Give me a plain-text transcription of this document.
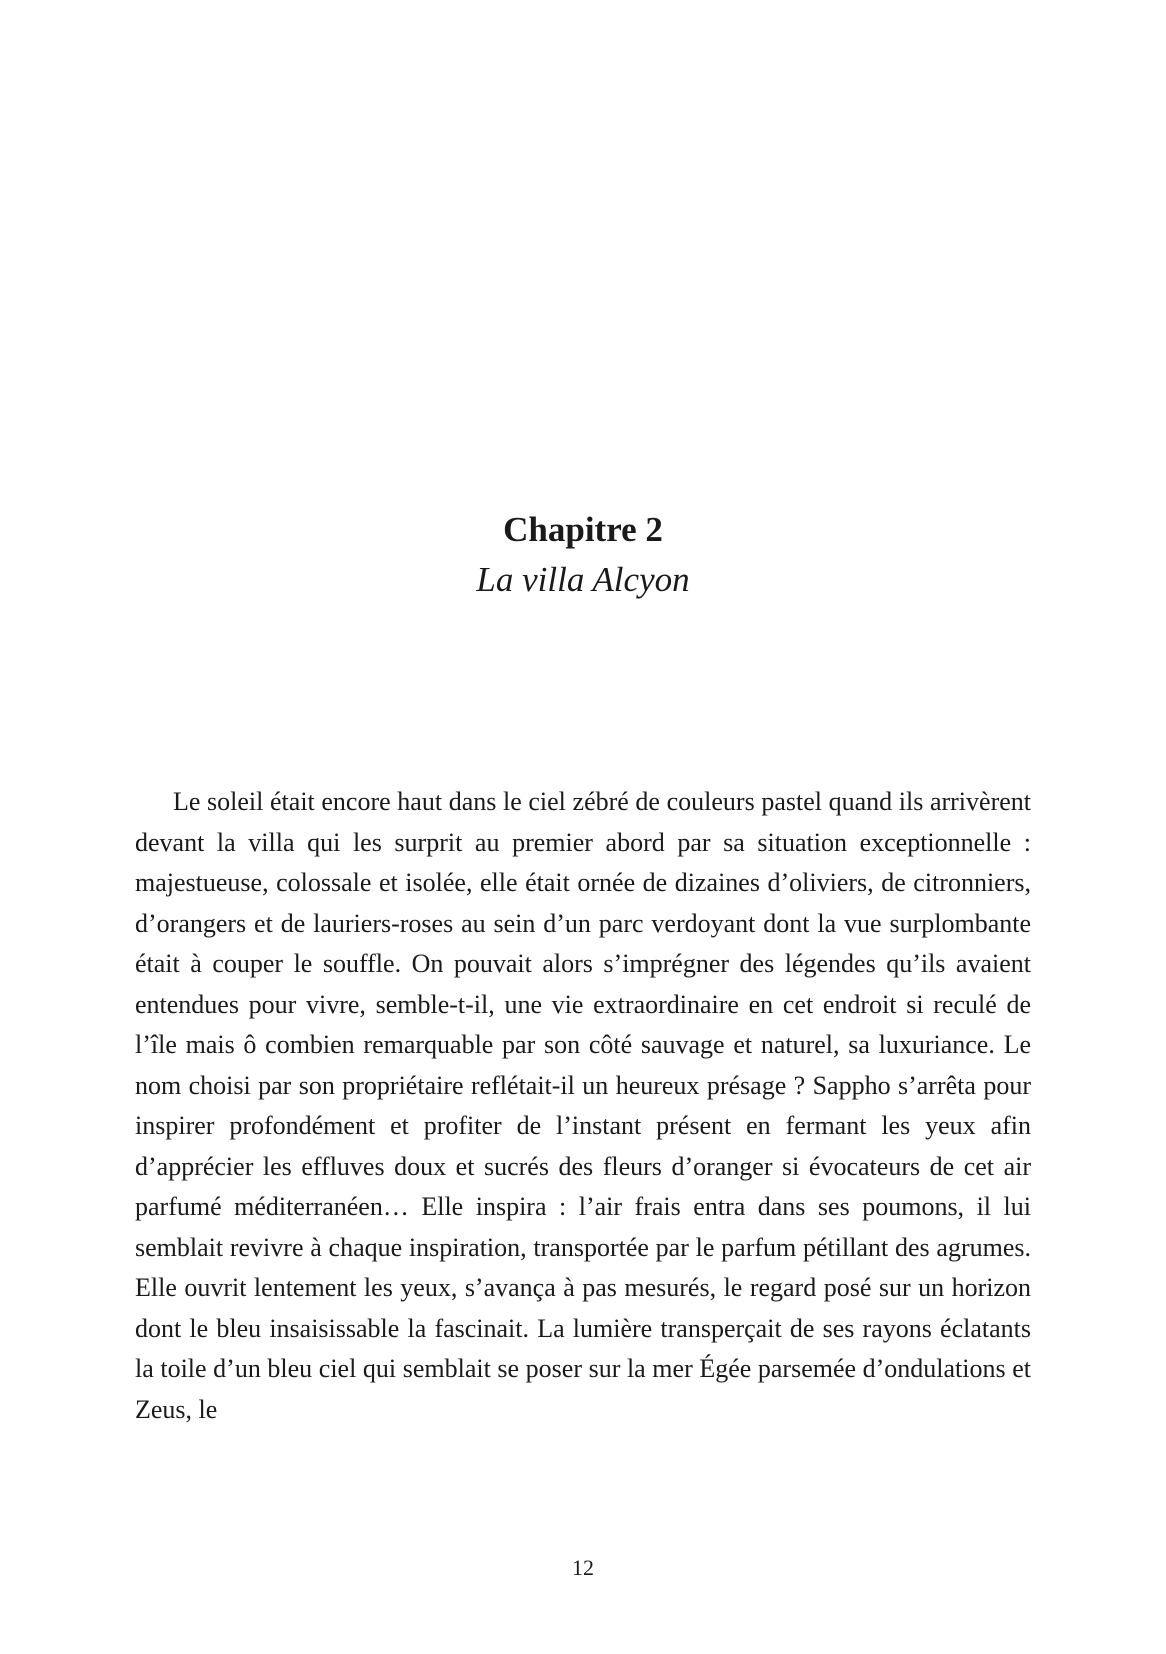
Chapitre 2
La villa Alcyon

Le soleil était encore haut dans le ciel zébré de couleurs pastel quand ils arrivèrent devant la villa qui les surprit au premier abord par sa situation exceptionnelle : majestueuse, colossale et isolée, elle était ornée de dizaines d’oliviers, de citronniers, d’orangers et de lauriers-roses au sein d’un parc verdoyant dont la vue surplombante était à couper le souffle. On pouvait alors s’imprégner des légendes qu’ils avaient entendues pour vivre, semble-t-il, une vie extraordinaire en cet endroit si reculé de l’île mais ô combien remarquable par son côté sauvage et naturel, sa luxuriance. Le nom choisi par son propriétaire reflétait-il un heureux présage ? Sappho s’arrêta pour inspirer profondément et profiter de l’instant présent en fermant les yeux afin d’apprécier les effluves doux et sucrés des fleurs d’oranger si évocateurs de cet air parfumé méditerranéen… Elle inspira : l’air frais entra dans ses poumons, il lui semblait revivre à chaque inspiration, transportée par le parfum pétillant des agrumes. Elle ouvrit lentement les yeux, s’avança à pas mesurés, le regard posé sur un horizon dont le bleu insaisissable la fascinait. La lumière transperçait de ses rayons éclatants la toile d’un bleu ciel qui semblait se poser sur la mer Égée parsemée d’ondulations et Zeus, le

12
